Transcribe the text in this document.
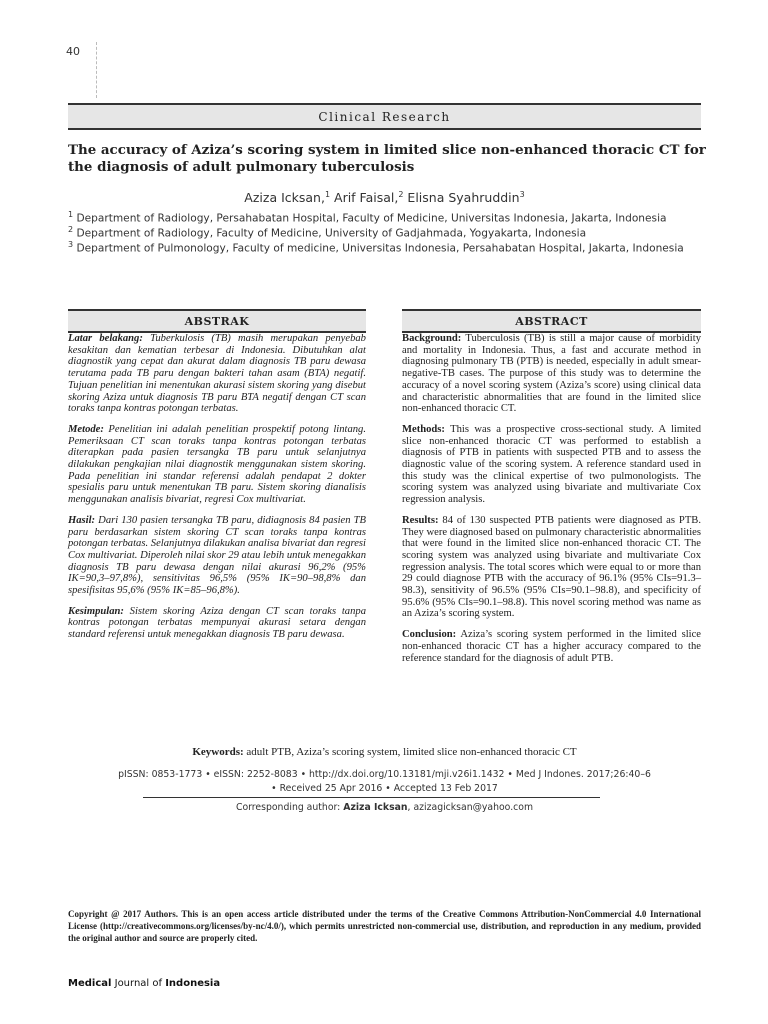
40
Clinical Research
The accuracy of Aziza’s scoring system in limited slice non-enhanced thoracic CT for the diagnosis of adult pulmonary tuberculosis
Aziza Icksan,$^1$ Arif Faisal,$^2$ Elisna Syahruddin$^3$
$^1$ Department of Radiology, Persahabatan Hospital, Faculty of Medicine, Universitas Indonesia, Jakarta, Indonesia
$^2$ Department of Radiology, Faculty of Medicine, University of Gadjahmada, Yogyakarta, Indonesia
$^3$ Department of Pulmonology, Faculty of medicine, Universitas Indonesia, Persahabatan Hospital, Jakarta, Indonesia
ABSTRAK

Latar belakang: Tuberkulosis (TB) masih merupakan penyebab kesakitan dan kematian terbesar di Indonesia. Dibutuhkan alat diagnostik yang cepat dan akurat dalam diagnosis TB paru dewasa terutama pada TB paru dengan bakteri tahan asam (BTA) negatif. Tujuan penelitian ini menentukan akurasi sistem skoring yang disebut skoring Aziza untuk diagnosis TB paru BTA negatif dengan CT scan toraks tanpa kontras potongan terbatas.

Metode: Penelitian ini adalah penelitian prospektif potong lintang. Pemeriksaan CT scan toraks tanpa kontras potongan terbatas diterapkan pada pasien tersangka TB paru untuk selanjutnya dilakukan pengkajian nilai diagnostik menggunakan sistem skoring. Pada penelitian ini standar referensi adalah pendapat 2 dokter spesialis paru untuk menentukan TB paru. Sistem skoring dianalisis menggunakan analisis bivariat, regresi Cox multivariat.

Hasil: Dari 130 pasien tersangka TB paru, didiagnosis 84 pasien TB paru berdasarkan sistem skoring CT scan toraks tanpa kontras potongan terbatas. Selanjutnya dilakukan analisa bivariat dan regresi Cox multivariat. Diperoleh nilai skor 29 atau lebih untuk menegakkan diagnosis TB paru dewasa dengan nilai akurasi 96,2% (95% IK=90,3–97,8%), sensitivitas 96,5% (95% IK=90–98,8% dan spesifisitas 95,6% (95% IK=85–96,8%).

Kesimpulan: Sistem skoring Aziza dengan CT scan toraks tanpa kontras potongan terbatas mempunyai akurasi setara dengan standard referensi untuk menegakkan diagnosis TB paru dewasa.

ABSTRACT

Background: Tuberculosis (TB) is still a major cause of morbidity and mortality in Indonesia. Thus, a fast and accurate method in diagnosing pulmonary TB (PTB) is needed, especially in adult smear-negative-TB cases. The purpose of this study was to determine the accuracy of a novel scoring system (Aziza’s score) using clinical data and characteristic abnormalities that are found in the limited slice non-enhanced thoracic CT.

Methods: This was a prospective cross-sectional study. A limited slice non-enhanced thoracic CT was performed to establish a diagnosis of PTB in patients with suspected PTB and to assess the diagnostic value of the scoring system. A reference standard used in this study was the clinical expertise of two pulmonologists. The scoring system was analyzed using bivariate and multivariate Cox regression analysis.

Results: 84 of 130 suspected PTB patients were diagnosed as PTB. They were diagnosed based on pulmonary characteristic abnormalities that were found in the limited slice non-enhanced thoracic CT. The scoring system was analyzed using bivariate and multivariate Cox regression analysis. The total scores which were equal to or more than 29 could diagnose PTB with the accuracy of 96.1% (95% CIs=91.3–98.3), sensitivity of 96.5% (95% CIs=90.1–98.8), and specificity of 95.6% (95% CIs=90.1–98.8). This novel scoring method was name as an Aziza’s scoring system.

Conclusion: Aziza’s scoring system performed in the limited slice non-enhanced thoracic CT has a higher accuracy compared to the reference standard for the diagnosis of adult PTB.

Keywords: adult PTB, Aziza’s scoring system, limited slice non-enhanced thoracic CT
pISSN: 0853-1773 • eISSN: 2252-8083 • http://dx.doi.org/10.13181/mji.v26i1.1432 • Med J Indones. 2017;26:40–6
• Received 25 Apr 2016 • Accepted 13 Feb 2017
Corresponding author: Aziza Icksan, azizagicksan@yahoo.com
Copyright @ 2017 Authors. This is an open access article distributed under the terms of the Creative Commons Attribution-NonCommercial 4.0 International License (http://creativecommons.org/licenses/by-nc/4.0/), which permits unrestricted non-commercial use, distribution, and reproduction in any medium, provided the original author and source are properly cited.
Medical Journal of Indonesia
